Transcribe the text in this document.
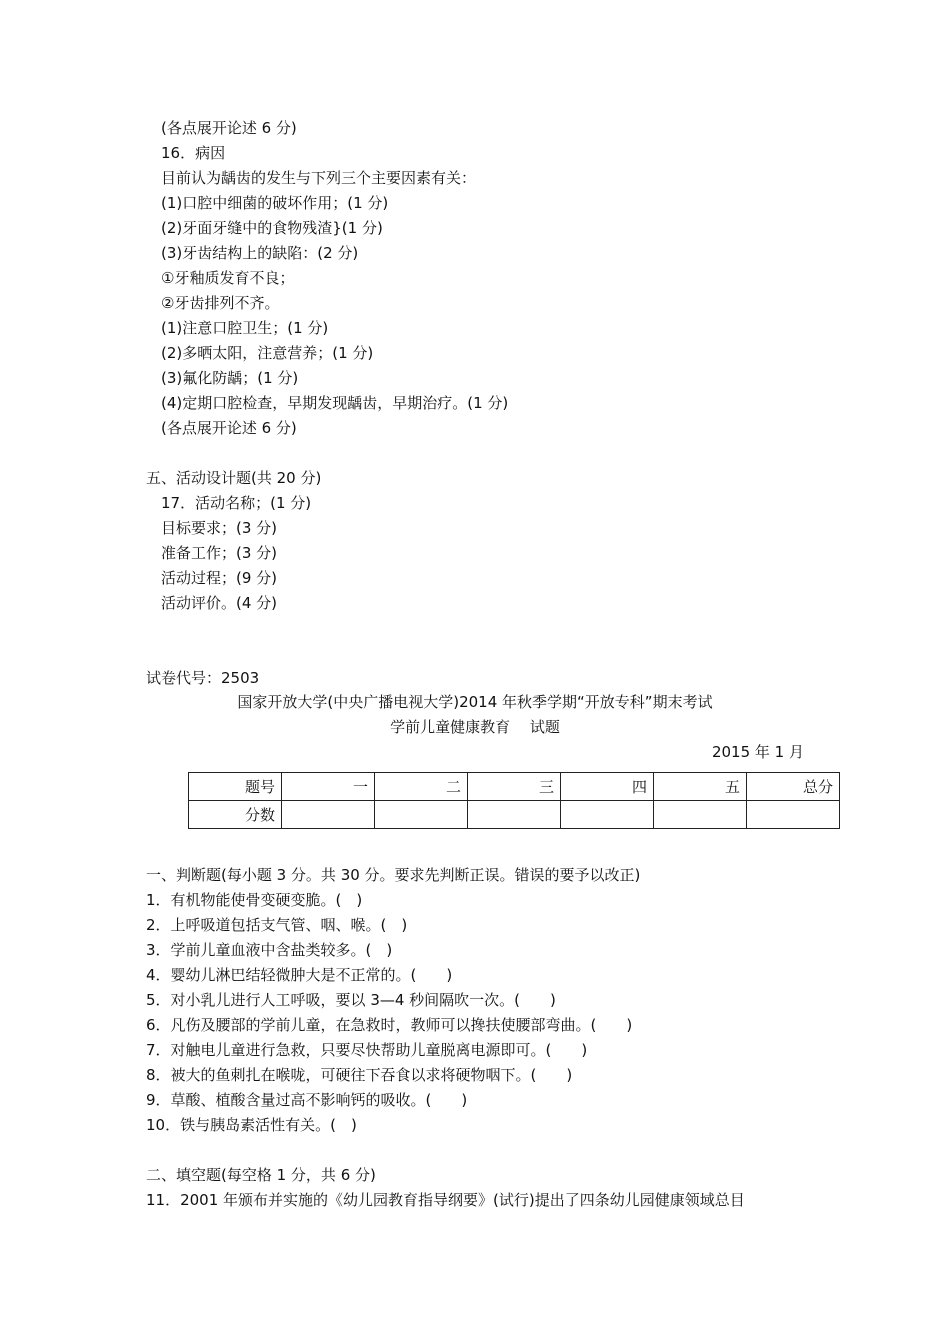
(各点展开论述 6 分)
16．病因
目前认为龋齿的发生与下列三个主要因素有关：
(1)口腔中细菌的破坏作用；(1 分)
(2)牙面牙缝中的食物残渣}(1 分)
(3)牙齿结构上的缺陷：(2 分)
①牙釉质发育不良；
②牙齿排列不齐。
(1)注意口腔卫生；(1 分)
(2)多晒太阳，注意营养；(1 分)
(3)氟化防龋；(1 分)
(4)定期口腔检查，早期发现龋齿，早期治疗。(1 分)
(各点展开论述 6 分)
五、活动设计题(共 20 分)
17．活动名称；(1 分)
目标要求；(3 分)
准备工作；(3 分)
活动过程；(9 分)
活动评价。(4 分)
试卷代号：2503
国家开放大学(中央广播电视大学)2014 年秋季学期“开放专科”期末考试
学前儿童健康教育　 试题
2015 年 1 月
题号	一	二	三	四	五	总分
分数						
一、判断题(每小题 3 分。共 30 分。要求先判断正误。错误的要予以改正)
1．有机物能使骨变硬变脆。(　)
2．上呼吸道包括支气管、咽、喉。(　)
3．学前儿童血液中含盐类较多。(　)
4．婴幼儿淋巴结轻微肿大是不正常的。(　　)
5．对小乳儿进行人工呼吸，要以 3—4 秒间隔吹一次。(　　)
6．凡伤及腰部的学前儿童，在急救时，教师可以搀扶使腰部弯曲。(　　)
7．对触电儿童进行急救，只要尽快帮助儿童脱离电源即可。(　　)
8．被大的鱼刺扎在喉咙，可硬往下吞食以求将硬物咽下。(　　)
9．草酸、植酸含量过高不影响钙的吸收。(　　)
10．铁与胰岛素活性有关。(　)
二、填空题(每空格 1 分，共 6 分)
11．2001 年颁布并实施的《幼儿园教育指导纲要》(试行)提出了四条幼儿园健康领域总目
